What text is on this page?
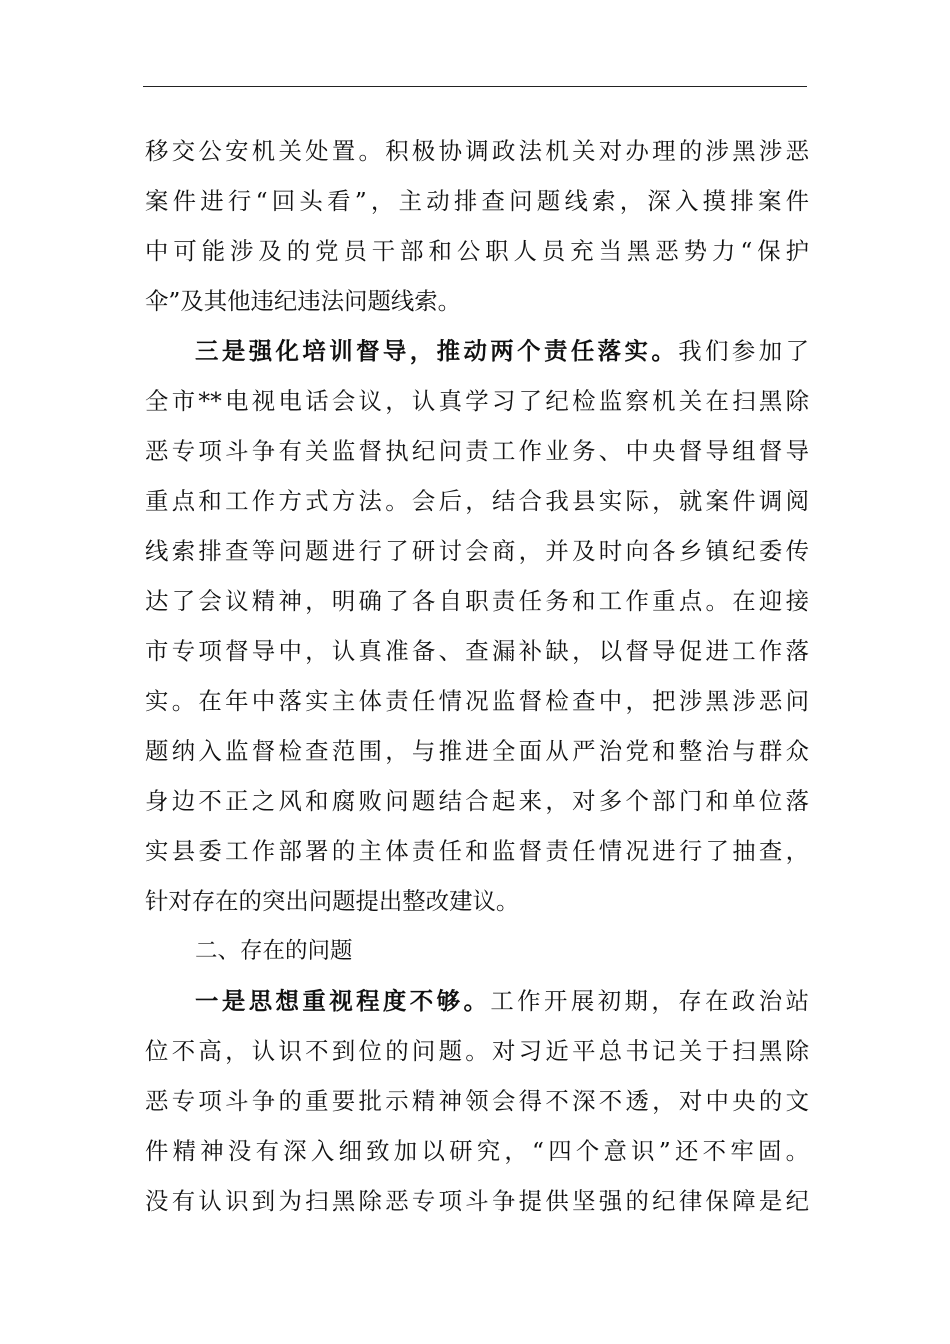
移交公安机关处置。积极协调政法机关对办理的涉黑涉恶
案件进行“回头看”，主动排查问题线索，深入摸排案件
中可能涉及的党员干部和公职人员充当黑恶势力“保护
伞”及其他违纪违法问题线索。
三是强化培训督导，推动两个责任落实。我们参加了
全市**电视电话会议，认真学习了纪检监察机关在扫黑除
恶专项斗争有关监督执纪问责工作业务、中央督导组督导
重点和工作方式方法。会后，结合我县实际，就案件调阅
线索排查等问题进行了研讨会商，并及时向各乡镇纪委传
达了会议精神，明确了各自职责任务和工作重点。在迎接
市专项督导中，认真准备、查漏补缺，以督导促进工作落
实。在年中落实主体责任情况监督检查中，把涉黑涉恶问
题纳入监督检查范围，与推进全面从严治党和整治与群众
身边不正之风和腐败问题结合起来，对多个部门和单位落
实县委工作部署的主体责任和监督责任情况进行了抽查，
针对存在的突出问题提出整改建议。
二、存在的问题
一是思想重视程度不够。工作开展初期，存在政治站
位不高，认识不到位的问题。对习近平总书记关于扫黑除
恶专项斗争的重要批示精神领会得不深不透，对中央的文
件精神没有深入细致加以研究，“四个意识”还不牢固。
没有认识到为扫黑除恶专项斗争提供坚强的纪律保障是纪
